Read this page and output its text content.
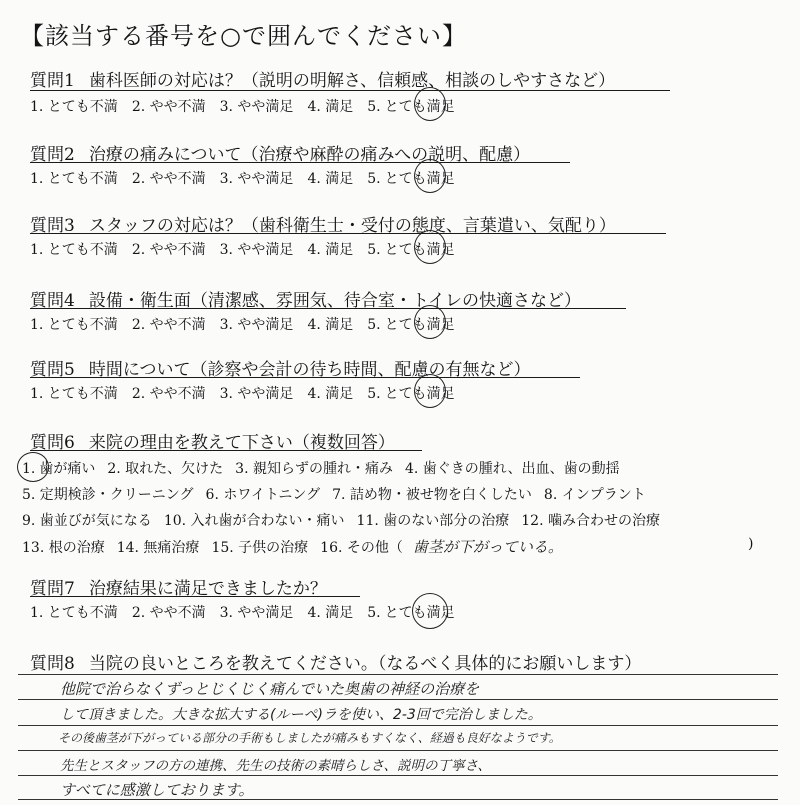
【該当する番号を○で囲んでください】
質問1 歯科医師の対応は？（説明の明解さ、信頼感、相談のしやすさなど）
1. とても不満 2. やや不満 3. やや満足 4. 満足 5. とても満足
質問2 治療の痛みについて（治療や麻酔の痛みへの説明、配慮）
1. とても不満 2. やや不満 3. やや満足 4. 満足 5. とても満足
質問3 スタッフの対応は？（歯科衛生士・受付の態度、言葉遣い、気配り）
1. とても不満 2. やや不満 3. やや満足 4. 満足 5. とても満足
質問4 設備・衛生面（清潔感、雰囲気、待合室・トイレの快適さなど）
1. とても不満 2. やや不満 3. やや満足 4. 満足 5. とても満足
質問5 時間について（診察や会計の待ち時間、配慮の有無など）
1. とても不満 2. やや不満 3. やや満足 4. 満足 5. とても満足
質問6 来院の理由を教えて下さい（複数回答）
1. 歯が痛い 2. 取れた、欠けた 3. 親知らずの腫れ・痛み 4. 歯ぐきの腫れ、出血、歯の動揺
5. 定期検診・クリーニング 6. ホワイトニング 7. 詰め物・被せ物を白くしたい 8. インプラント
9. 歯並びが気になる 10. 入れ歯が合わない・痛い 11. 歯のない部分の治療 12. 噛み合わせの治療
13. 根の治療 14. 無痛治療 15. 子供の治療 16. その他（ 歯茎が下がっている。	)
質問7 治療結果に満足できましたか？
1. とても不満 2. やや不満 3. やや満足 4. 満足 5. とても満足
質問8 当院の良いところを教えてください。（なるべく具体的にお願いします）
他院で治らなくずっとじくじく痛んでいた奥歯の神経の治療を
して頂きました。大きな拡大する(ルーペ)ラを使い、2-3回で完治しました。
その後歯茎が下がっている部分の手術もしましたが痛みもすくなく、経過も良好なようです。
先生とスタッフの方の連携、先生の技術の素晴らしさ、説明の丁寧さ、
すべてに感激しております。
